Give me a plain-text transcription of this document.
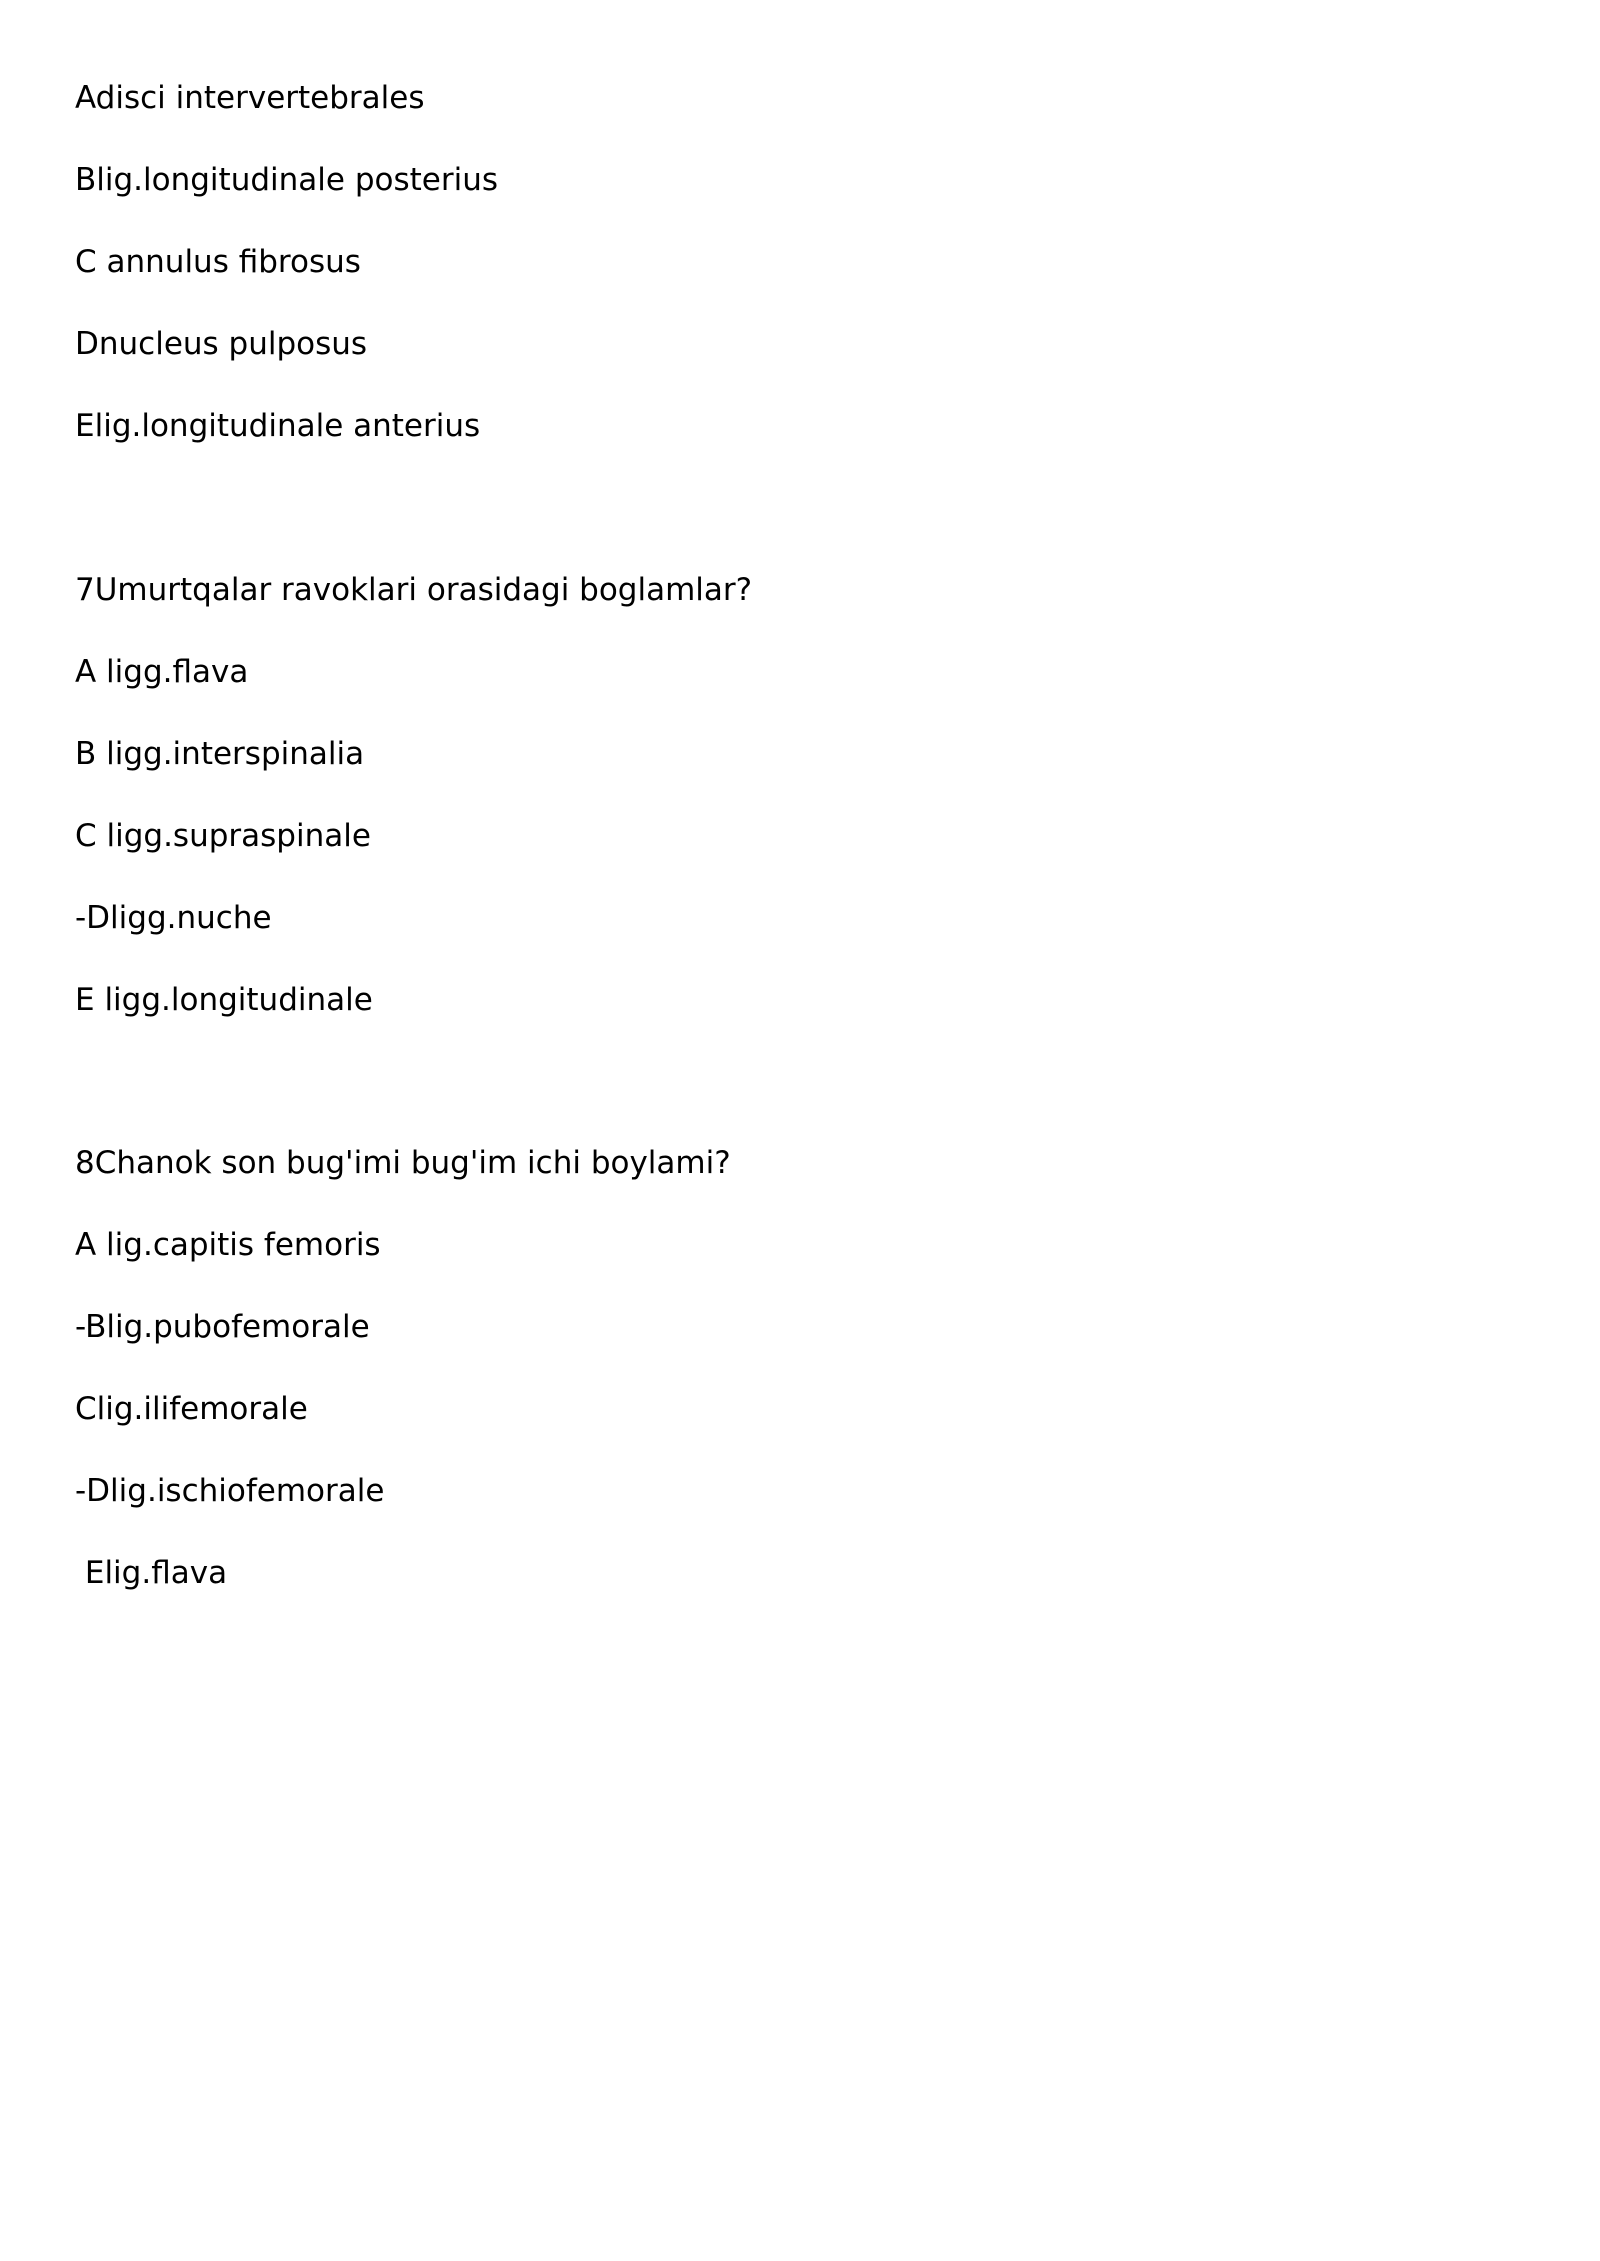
Adisci intervertebrales
Blig.longitudinale posterius
C annulus fibrosus
Dnucleus pulposus
Elig.longitudinale anterius
7Umurtqalar ravoklari orasidagi boglamlar?
A ligg.flava
B ligg.interspinalia
C ligg.supraspinale
-Dligg.nuche
E ligg.longitudinale
8Chanok son bug'imi bug'im ichi boylami?
A lig.capitis femoris
-Blig.pubofemorale
Clig.ilifemorale
-Dlig.ischiofemorale
Elig.flava
